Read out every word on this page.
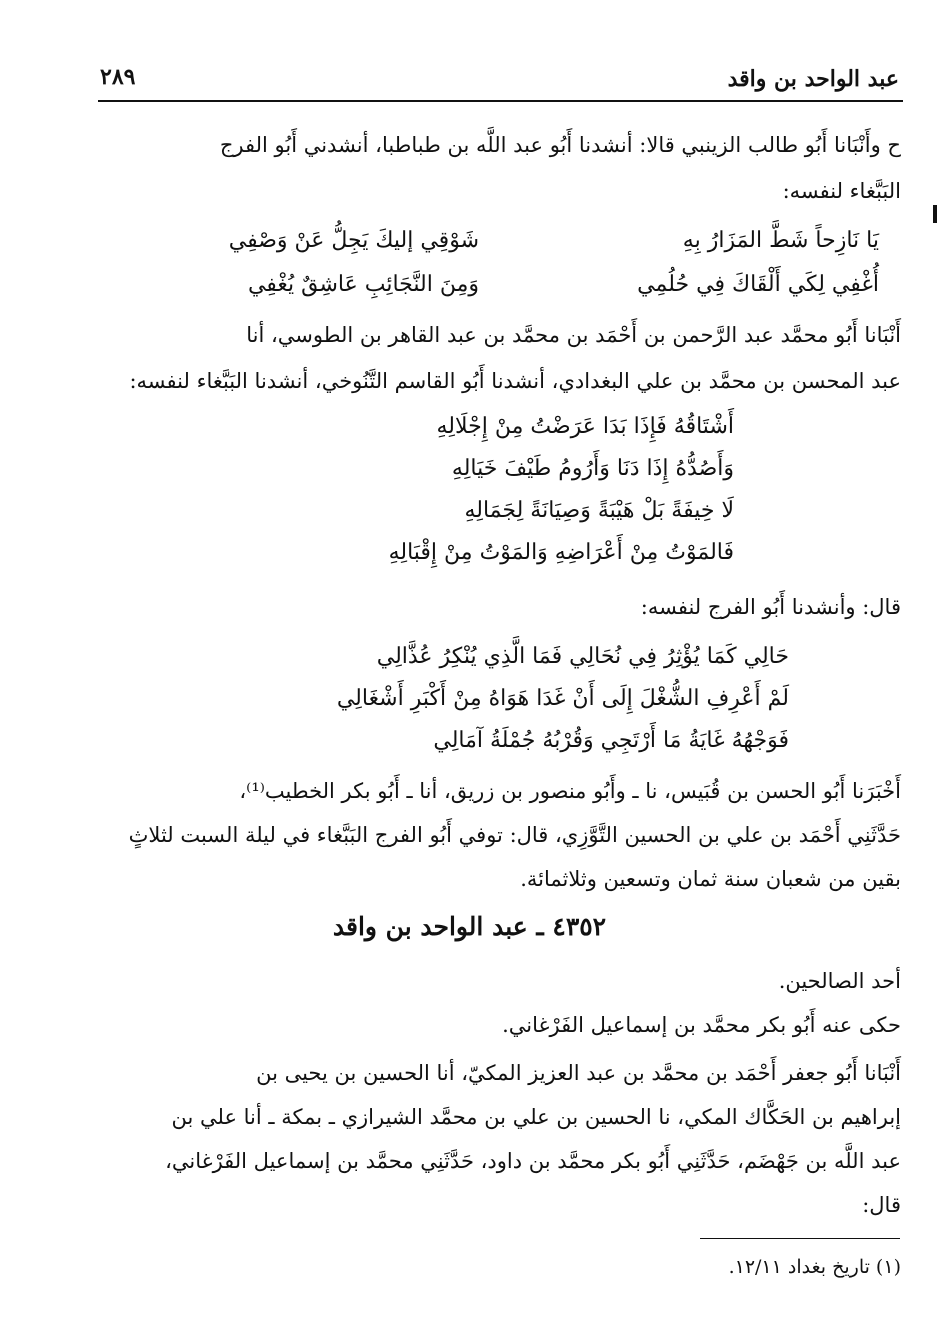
عبد الواحد بن واقد
٢٨٩
ح وأَنْبَانا أَبُو طالب الزينبي قالا: أنشدنا أَبُو عبد اللَّه بن طباطبا، أنشدني أَبُو الفرج
البَبَّغاء لنفسه:
يَا نَازِحاً شَطَّ المَزَارُ بِهِ
شَوْقِي إليكَ يَجِلُّ عَنْ وَصْفِي
أُغْفِي لِكَي أَلْقَاكَ فِي حُلُمِي
وَمِنَ النَّجَائِبِ عَاشِقٌ يُغْفِي
أَنْبَانا أَبُو محمَّد عبد الرَّحمن بن أَحْمَد بن محمَّد بن عبد القاهر بن الطوسي، أنا
عبد المحسن بن محمَّد بن علي البغدادي، أنشدنا أَبُو القاسم التَّنُوخي، أنشدنا البَبَّغاء لنفسه:
أَشْتَاقُهُ فَإِذَا بَدَا عَرَضْتُ مِنْ إِجْلَالِهِ
وَأَصُدُّهُ إِذَا دَنَا وَأَرُومُ طَيْفَ خَيَالِهِ
لَا خِيفَةً بَلْ هَيْبَةً وَصِيَانَةً لِجَمَالِهِ
فَالمَوْتُ مِنْ أَعْرَاضِهِ وَالمَوْتُ مِنْ إِقْبَالِهِ
قال: وأنشدنا أَبُو الفرج لنفسه:
حَالِي كَمَا يُؤْثِرُ فِي نُحَالِي فَمَا الَّذِي يُنْكِرُ عُذَّالِي
لَمْ أَعْرِفِ الشُّغْلَ إِلَى أَنْ غَدَا هَوَاهُ مِنْ أَكْبَرِ أَشْغَالِي
فَوَجْهُهُ غَايَةُ مَا أَرْتَجِي وَقُرْبُهُ جُمْلَةُ آمَالِي
أَخْبَرَنا أَبُو الحسن بن قُبَيس، نا ـ وأَبُو منصور بن زريق، أنا ـ أَبُو بكر الخطيب⁽¹⁾،
حَدَّثَنِي أَحْمَد بن علي بن الحسين التَّوَّزِي، قال: توفي أَبُو الفرج البَبَّغاء في ليلة السبت لثلاثٍ
بقين من شعبان سنة ثمان وتسعين وثلاثمائة.
٤٣٥٢ ـ عبد الواحد بن واقد
أحد الصالحين.
حكى عنه أَبُو بكر محمَّد بن إسماعيل الفَرْغاني.
أَنْبَانا أَبُو جعفر أَحْمَد بن محمَّد بن عبد العزيز المكيّ، أنا الحسين بن يحيى بن
إبراهيم بن الحَكَّاك المكي، نا الحسين بن علي بن محمَّد الشيرازي ـ بمكة ـ أنا علي بن
عبد اللَّه بن جَهْضَم، حَدَّثَنِي أَبُو بكر محمَّد بن داود، حَدَّثَنِي محمَّد بن إسماعيل الفَرْغاني،
قال:
(١) تاريخ بغداد ١٢/١١.
